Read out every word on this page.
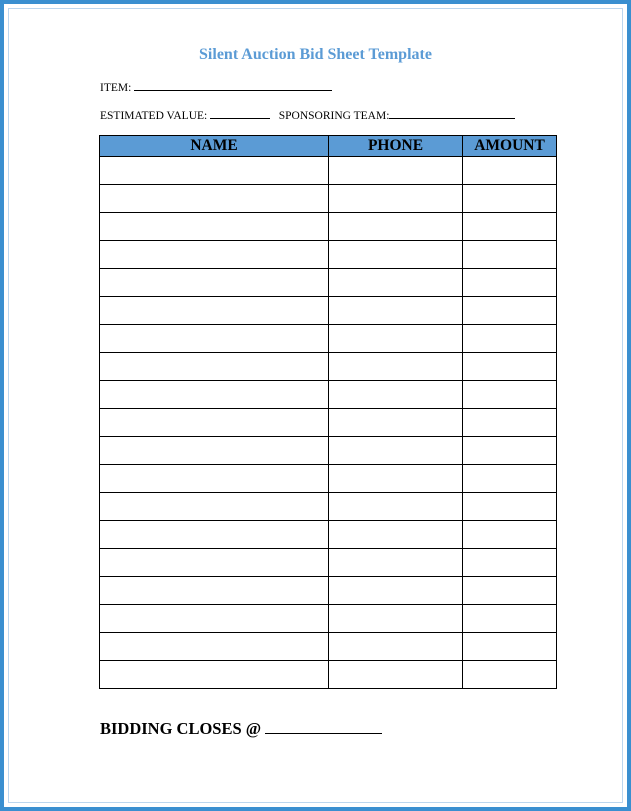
Silent Auction Bid Sheet Template
ITEM:
ESTIMATED VALUE:	SPONSORING TEAM:
NAME	PHONE	AMOUNT

BIDDING CLOSES @
